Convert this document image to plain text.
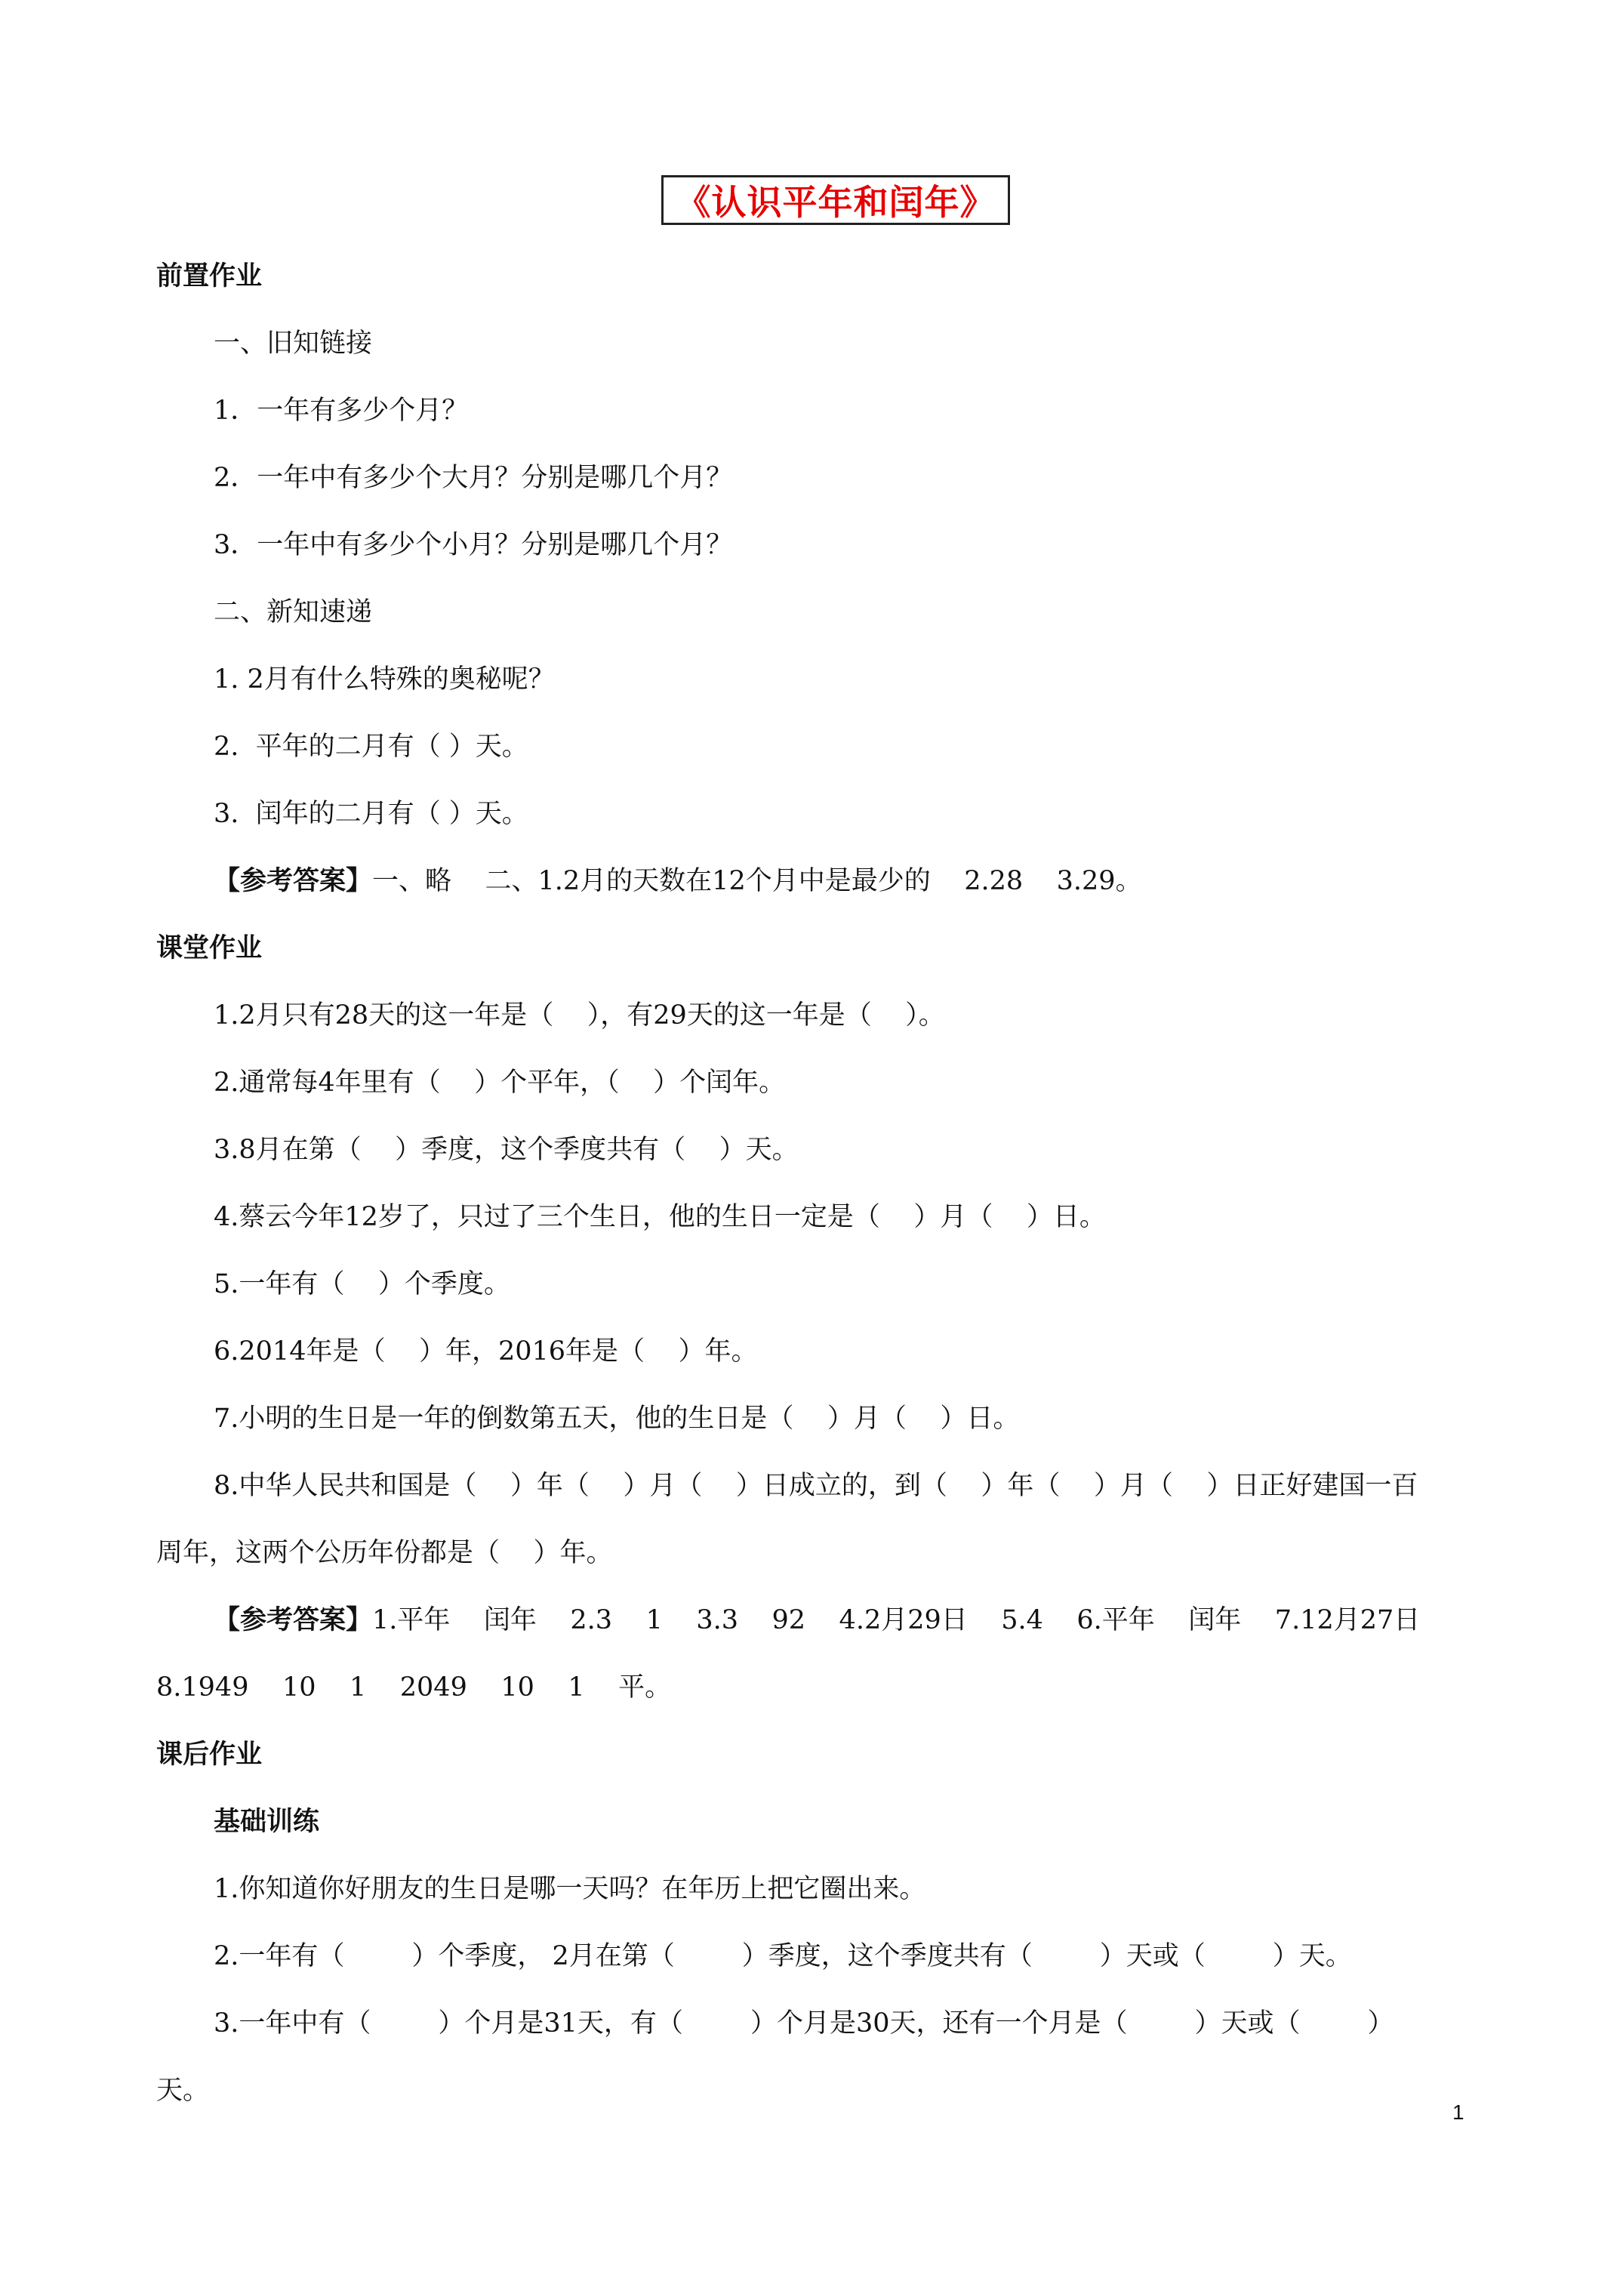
《认识平年和闰年》
前置作业
一、旧知链接
1．一年有多少个月？
2．一年中有多少个大月？分别是哪几个月？
3．一年中有多少个小月？分别是哪几个月？
二、新知速递
1. 2月有什么特殊的奥秘呢？
2.  平年的二月有（ ）天。
3.  闰年的二月有（ ）天。
【参考答案】一、略    二、1.2月的天数在12个月中是最少的    2.28    3.29。
课堂作业
1.2月只有28天的这一年是（    ），有29天的这一年是（    ）。
2.通常每4年里有（    ）个平年，（    ）个闰年。
3.8月在第（    ）季度，这个季度共有（    ）天。
4.蔡云今年12岁了，只过了三个生日，他的生日一定是（    ）月（    ）日。
5.一年有（    ）个季度。
6.2014年是（    ）年，2016年是（    ）年。
7.小明的生日是一年的倒数第五天，他的生日是（    ）月（    ）日。
8.中华人民共和国是（    ）年（    ）月（    ）日成立的，到（    ）年（    ）月（    ）日正好建国一百
周年，这两个公历年份都是（    ）年。
【参考答案】1.平年    闰年    2.3    1    3.3    92    4.2月29日    5.4    6.平年    闰年    7.12月27日
8.1949    10    1    2049    10    1    平。
课后作业
基础训练
1.你知道你好朋友的生日是哪一天吗？在年历上把它圈出来。
2.一年有（        ）个季度， 2月在第（        ）季度，这个季度共有（        ）天或（        ）天。
3.一年中有（        ）个月是31天，有（        ）个月是30天，还有一个月是（        ）天或（        ）
天。
1
